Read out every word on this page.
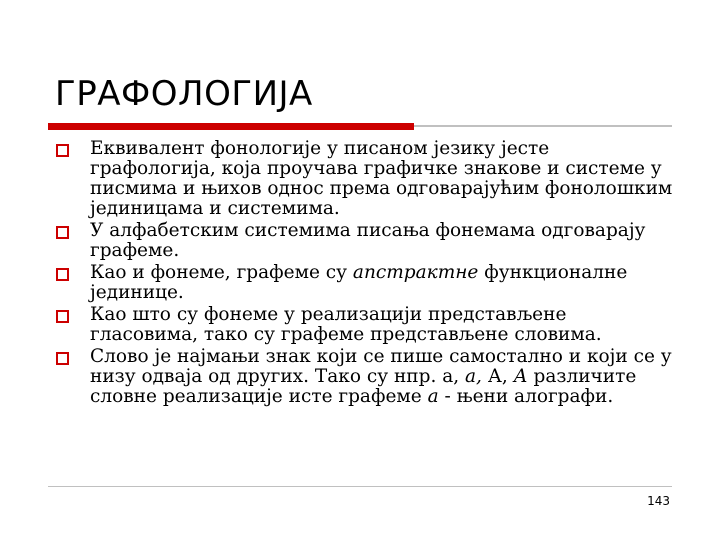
ГРАФОЛОГИЈА
Еквивалент фонологије у писаном језику јесте графологија, која проучава графичке знакове и системе у писмима и њихов однос према одговарајућим фонолошким јединицама и системима.
У алфабетским системима писања фонемама одговарају графеме.
Као и фонеме, графеме су апстрактне функционалне јединице.
Као што су фонеме у реализацији представљене гласовима, тако су графеме представљене словима.
Слово је најмањи знак који се пише самостално и који се у низу одваја од других. Тако су нпр. а, а, А, А различите словне реализације исте графеме а - њени алографи.
143
